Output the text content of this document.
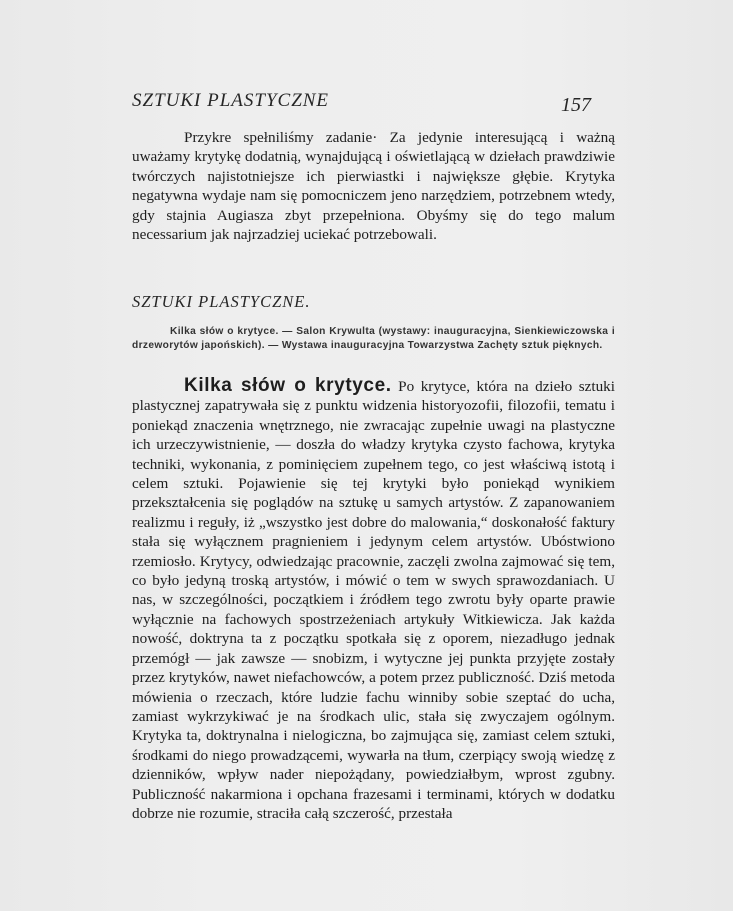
SZTUKI PLASTYCZNE	157

Przykre spełniliśmy zadanie· Za jedynie interesującą i ważną uważamy krytykę dodatnią, wynajdującą i oświetlającą w dziełach prawdziwie twórczych najistotniejsze ich pierwiastki i największe głębie. Krytyka negatywna wydaje nam się pomocniczem jeno narzędziem, potrzebnem wtedy, gdy stajnia Augiasza zbyt przepełniona. Obyśmy się do tego malum necessarium jak najrzadziej uciekać potrzebowali.

SZTUKI PLASTYCZNE.

Kilka słów o krytyce. — Salon Krywulta (wystawy: inauguracyjna, Sienkiewiczowska i drzeworytów japońskich). — Wystawa inauguracyjna Towarzystwa Zachęty sztuk pięknych.

Kilka słów o krytyce. Po krytyce, która na dzieło sztuki plastycznej zapatrywała się z punktu widzenia historyozofii, filozofii, tematu i poniekąd znaczenia wnętrznego, nie zwracając zupełnie uwagi na plastyczne ich urzeczywistnienie, — doszła do władzy krytyka czysto fachowa, krytyka techniki, wykonania, z pominięciem zupełnem tego, co jest właściwą istotą i celem sztuki. Pojawienie się tej krytyki było poniekąd wynikiem przekształcenia się poglądów na sztukę u samych artystów. Z zapanowaniem realizmu i reguły, iż „wszystko jest dobre do malowania,“ doskonałość faktury stała się wyłącznem pragnieniem i jedynym celem artystów. Ubóstwiono rzemiosło. Krytycy, odwiedzając pracownie, zaczęli zwolna zajmować się tem, co było jedyną troską artystów, i mówić o tem w swych sprawozdaniach. U nas, w szczególności, początkiem i źródłem tego zwrotu były oparte prawie wyłącznie na fachowych spostrzeżeniach artykuły Witkiewicza. Jak każda nowość, doktryna ta z początku spotkała się z oporem, niezadługo jednak przemógł — jak zawsze — snobizm, i wytyczne jej punkta przyjęte zostały przez krytyków, nawet niefachowców, a potem przez publiczność. Dziś metoda mówienia o rzeczach, które ludzie fachu winniby sobie szeptać do ucha, zamiast wykrzykiwać je na środkach ulic, stała się zwyczajem ogólnym. Krytyka ta, doktrynalna i nielogiczna, bo zajmująca się, zamiast celem sztuki, środkami do niego prowadzącemi, wywarła na tłum, czerpiący swoją wiedzę z dzienników, wpływ nader niepożądany, powiedziałbym, wprost zgubny. Publiczność nakarmiona i opchana frazesami i terminami, których w dodatku dobrze nie rozumie, straciła całą szczerość, przestała
